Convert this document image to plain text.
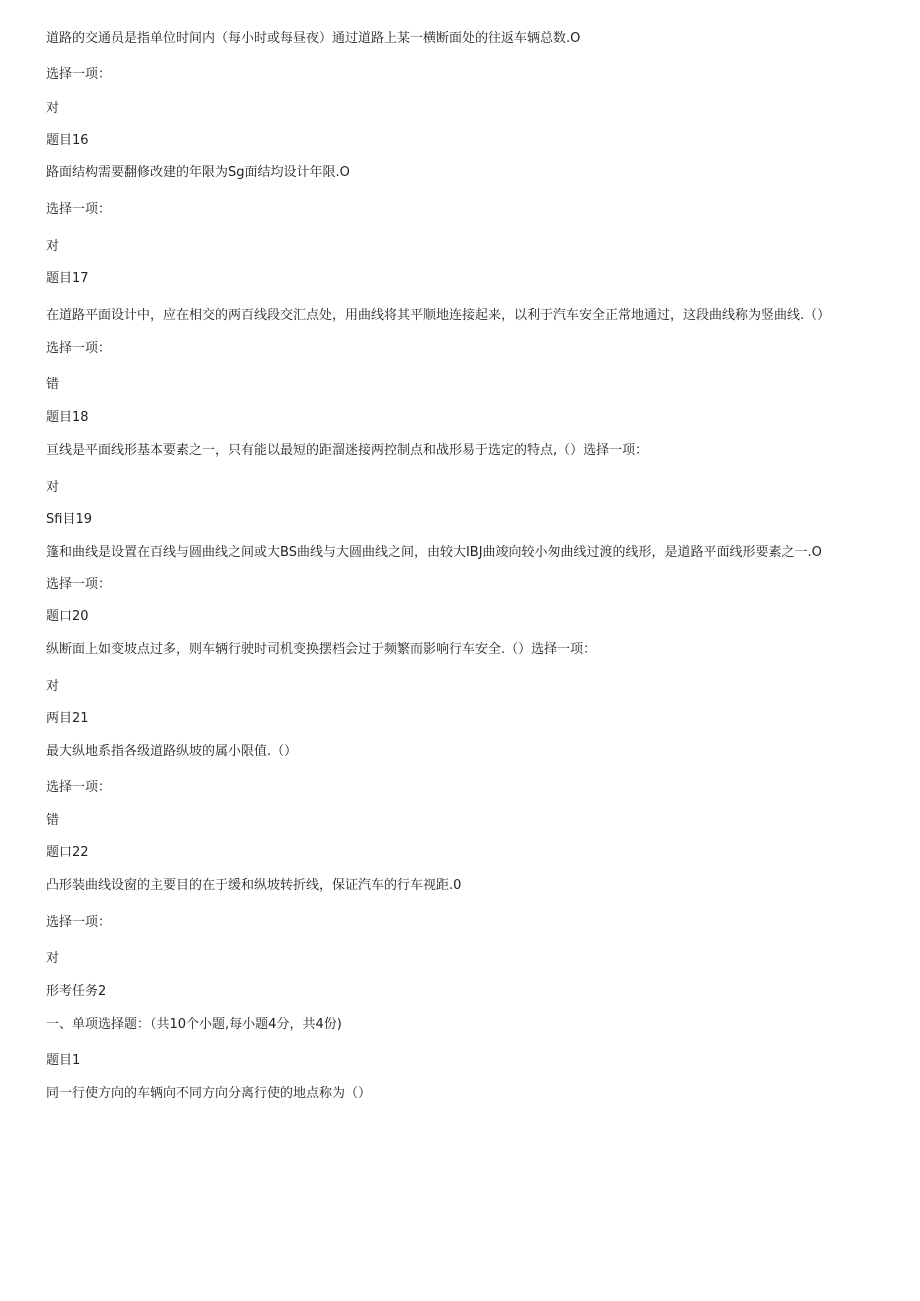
道路的交通员是指单位时间内（每小时或每昼夜）通过道路上某一横断面处的往返车辆总数.O
选择一项：
对
题目16
路面结构需要翻修改建的年限为Sg面结均设计年限.O
选择一项：
对
题目17
在道路平面设计中，应在相交的两百线段交汇点处，用曲线将其平顺地连接起来，以利于汽车安全正常地通过，这段曲线称为竖曲线.（）
选择一项：
错
题目18
亘线是平面线形基本要素之一，只有能以最短的距溜迷接两控制点和战形易于选定的特点,（）选择一项：
对
Sfi目19
篷和曲线是设置在百线与圆曲线之间或大BS曲线与大圆曲线之间，由较大IBJ曲竣向较小匆曲线过渡的线形，是道路平面线形要素之一.O
选择一项：
题口20
纵断面上如变坡点过多，则车辆行驶时司机变换摆档会过于频繁而影响行车安全.（）选择一项：
对
两目21
最大纵地系指各级道路纵坡的属小限值.（）
选择一项：
错
题口22
凸形装曲线设窗的主要目的在于缓和纵坡转折线，保证汽车的行车视距.0
选择一项：
对
形考任务2
一、单项选择题：（共10个小题,每小题4分，共4份)
题目1
同一行使方向的车辆向不同方向分离行使的地点称为（）
